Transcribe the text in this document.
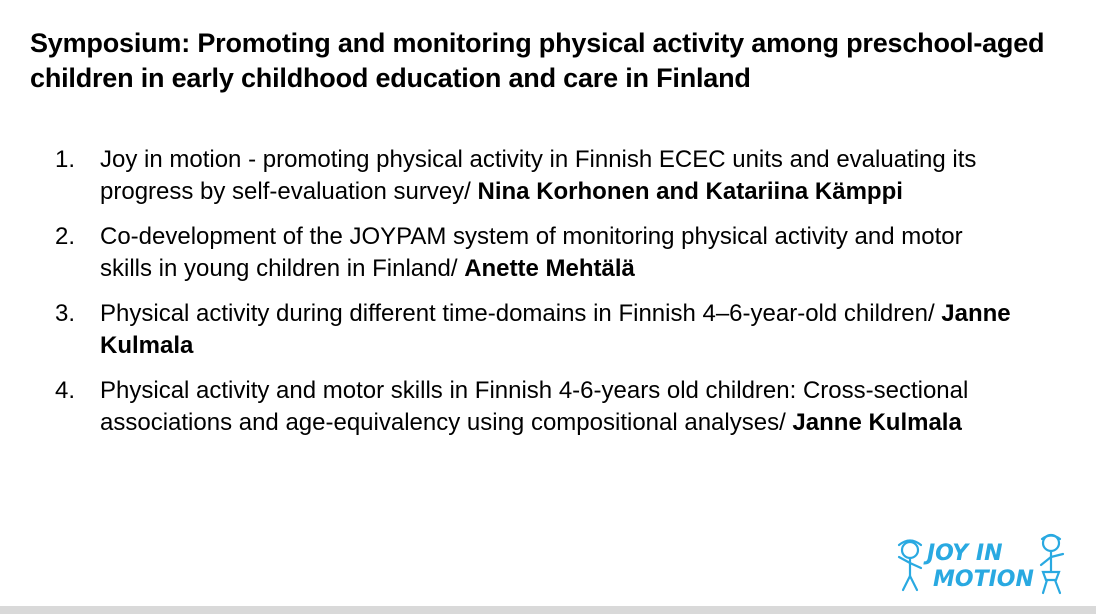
Symposium: Promoting and monitoring physical activity among preschool-aged children in early childhood education and care in Finland
1.	Joy in motion - promoting physical activity in Finnish ECEC units and evaluating its progress by self-evaluation survey/ Nina Korhonen and Katariina Kämppi
2.	Co-development of the JOYPAM system of monitoring physical activity and motor skills in young children in Finland/ Anette Mehtälä
3.	Physical activity during different time-domains in Finnish 4–6-year-old children/ Janne Kulmala
4.	Physical activity and motor skills in Finnish 4-6-years old children: Cross-sectional associations and age-equivalency using compositional analyses/ Janne Kulmala
JOY IN
MOTION
